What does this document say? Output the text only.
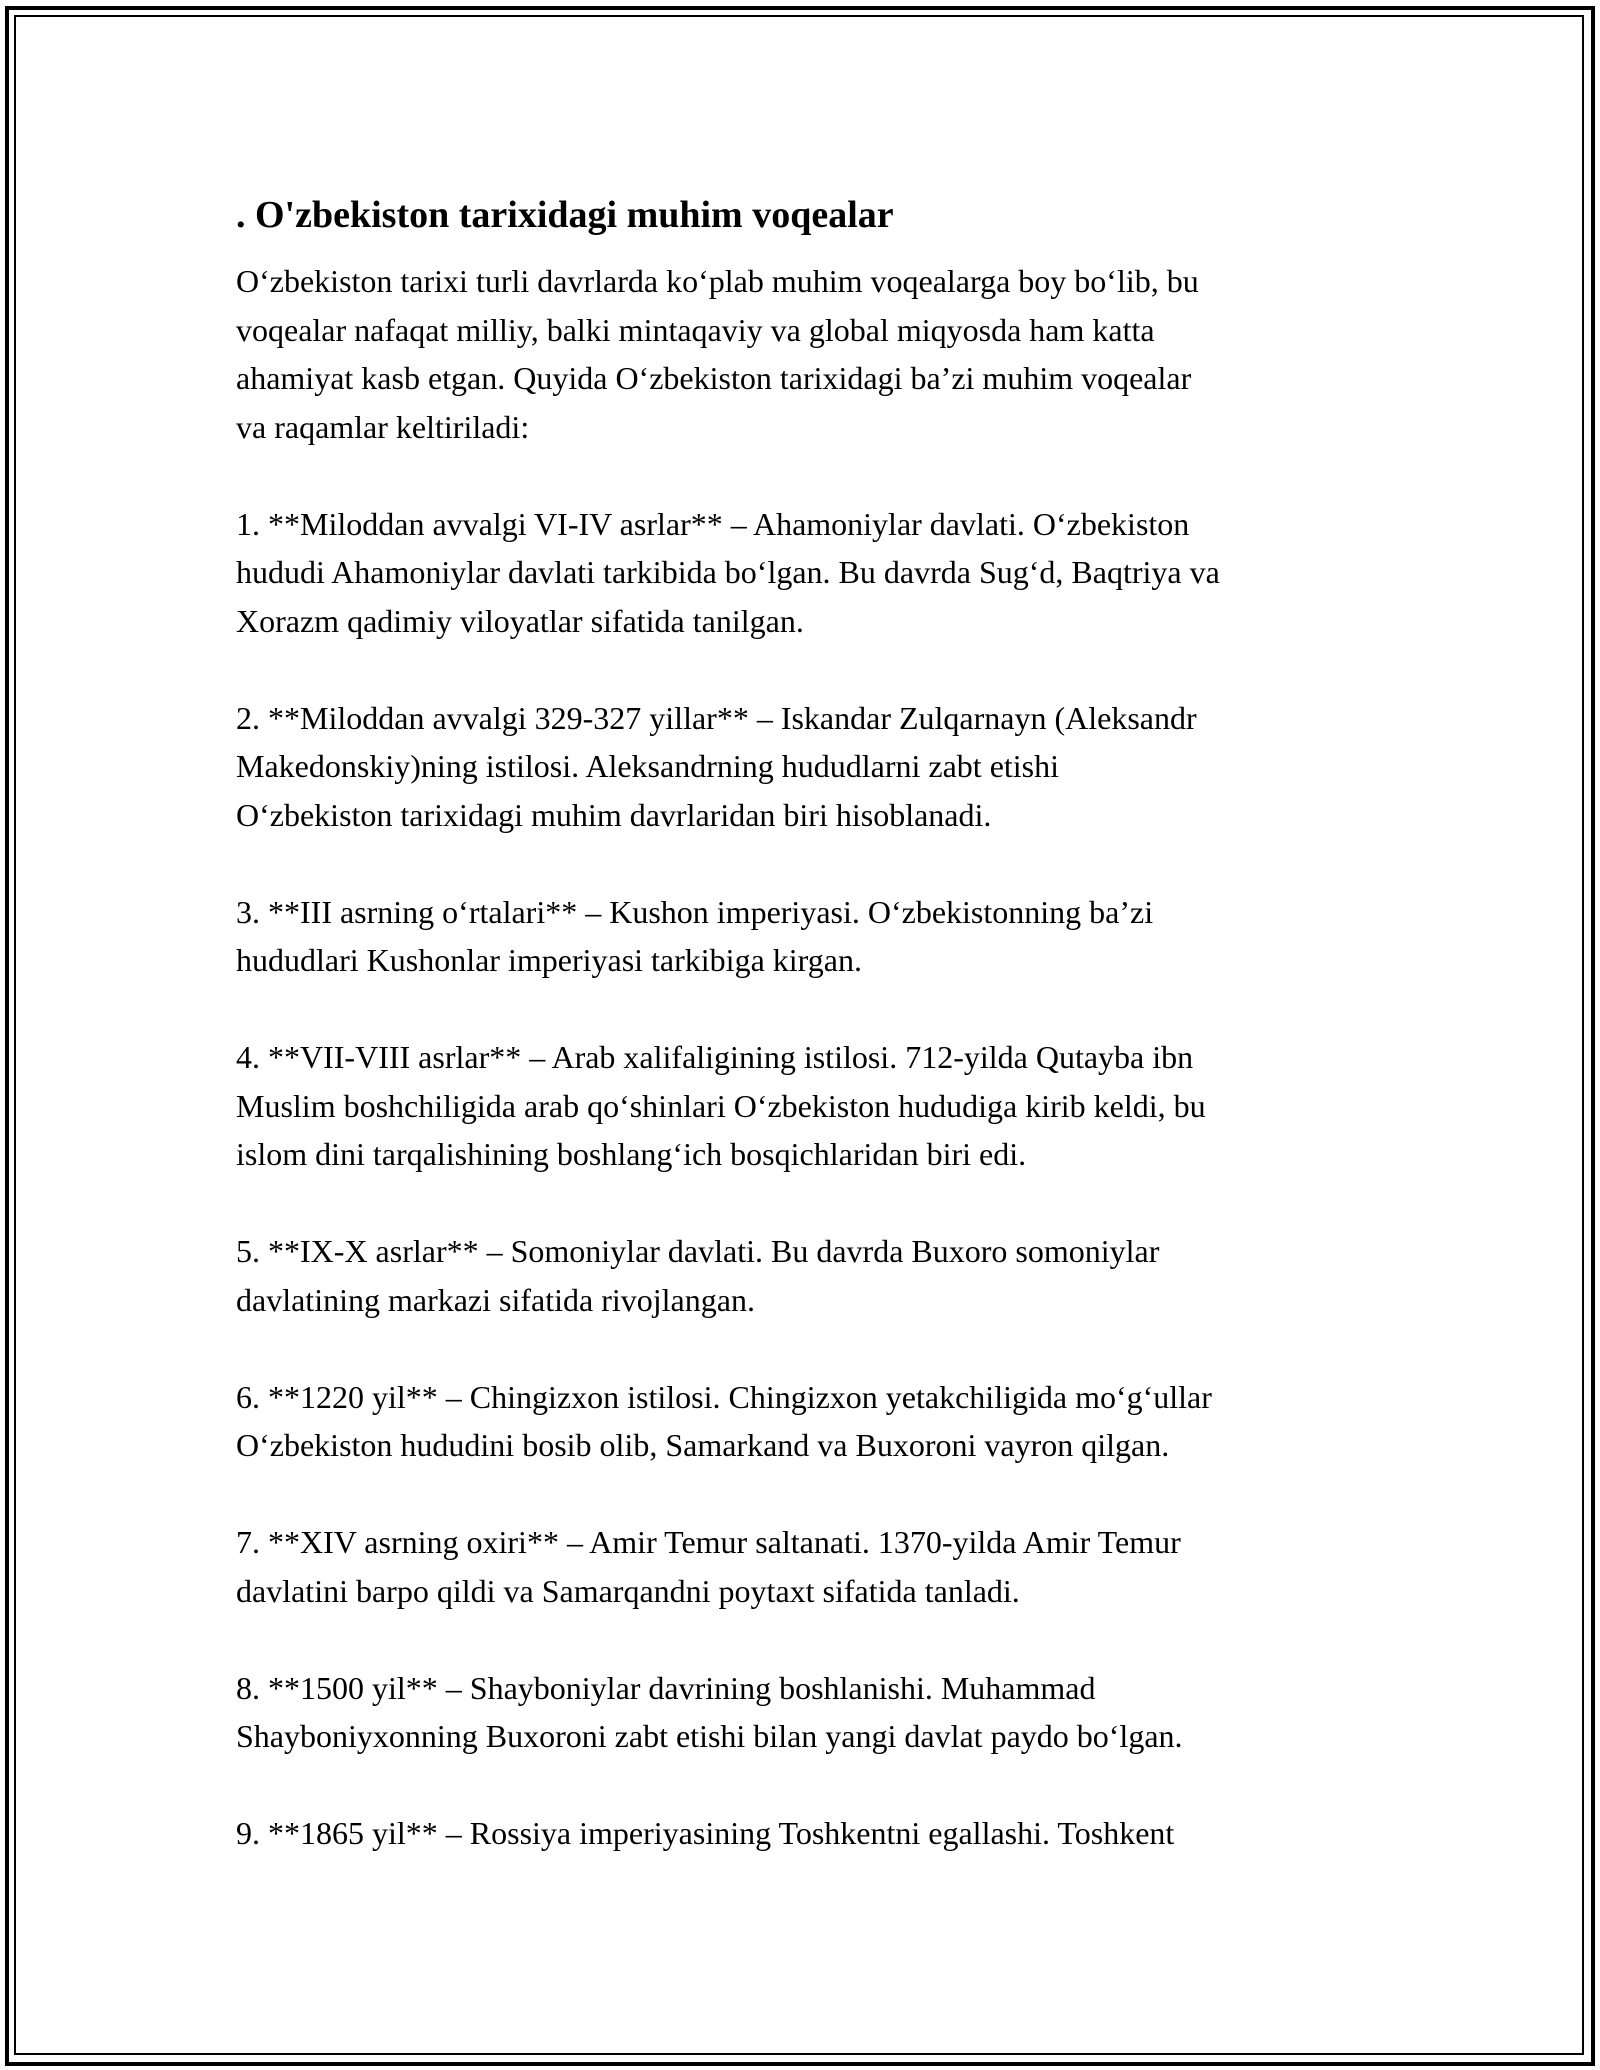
. O'zbekiston tarixidagi muhim voqealar
O‘zbekiston tarixi turli davrlarda ko‘plab muhim voqealarga boy bo‘lib, bu
voqealar nafaqat milliy, balki mintaqaviy va global miqyosda ham katta
ahamiyat kasb etgan. Quyida O‘zbekiston tarixidagi ba’zi muhim voqealar
va raqamlar keltiriladi:
1. **Miloddan avvalgi VI-IV asrlar** – Ahamoniylar davlati. O‘zbekiston
hududi Ahamoniylar davlati tarkibida bo‘lgan. Bu davrda Sug‘d, Baqtriya va
Xorazm qadimiy viloyatlar sifatida tanilgan.
2. **Miloddan avvalgi 329-327 yillar** – Iskandar Zulqarnayn (Aleksandr
Makedonskiy)ning istilosi. Aleksandrning hududlarni zabt etishi
O‘zbekiston tarixidagi muhim davrlaridan biri hisoblanadi.
3. **III asrning o‘rtalari** – Kushon imperiyasi. O‘zbekistonning ba’zi
hududlari Kushonlar imperiyasi tarkibiga kirgan.
4. **VII-VIII asrlar** – Arab xalifaligining istilosi. 712-yilda Qutayba ibn
Muslim boshchiligida arab qo‘shinlari O‘zbekiston hududiga kirib keldi, bu
islom dini tarqalishining boshlang‘ich bosqichlaridan biri edi.
5. **IX-X asrlar** – Somoniylar davlati. Bu davrda Buxoro somoniylar
davlatining markazi sifatida rivojlangan.
6. **1220 yil** – Chingizxon istilosi. Chingizxon yetakchiligida mo‘g‘ullar
O‘zbekiston hududini bosib olib, Samarkand va Buxoroni vayron qilgan.
7. **XIV asrning oxiri** – Amir Temur saltanati. 1370-yilda Amir Temur
davlatini barpo qildi va Samarqandni poytaxt sifatida tanladi.
8. **1500 yil** – Shayboniylar davrining boshlanishi. Muhammad
Shayboniyxonning Buxoroni zabt etishi bilan yangi davlat paydo bo‘lgan.
9. **1865 yil** – Rossiya imperiyasining Toshkentni egallashi. Toshkent
